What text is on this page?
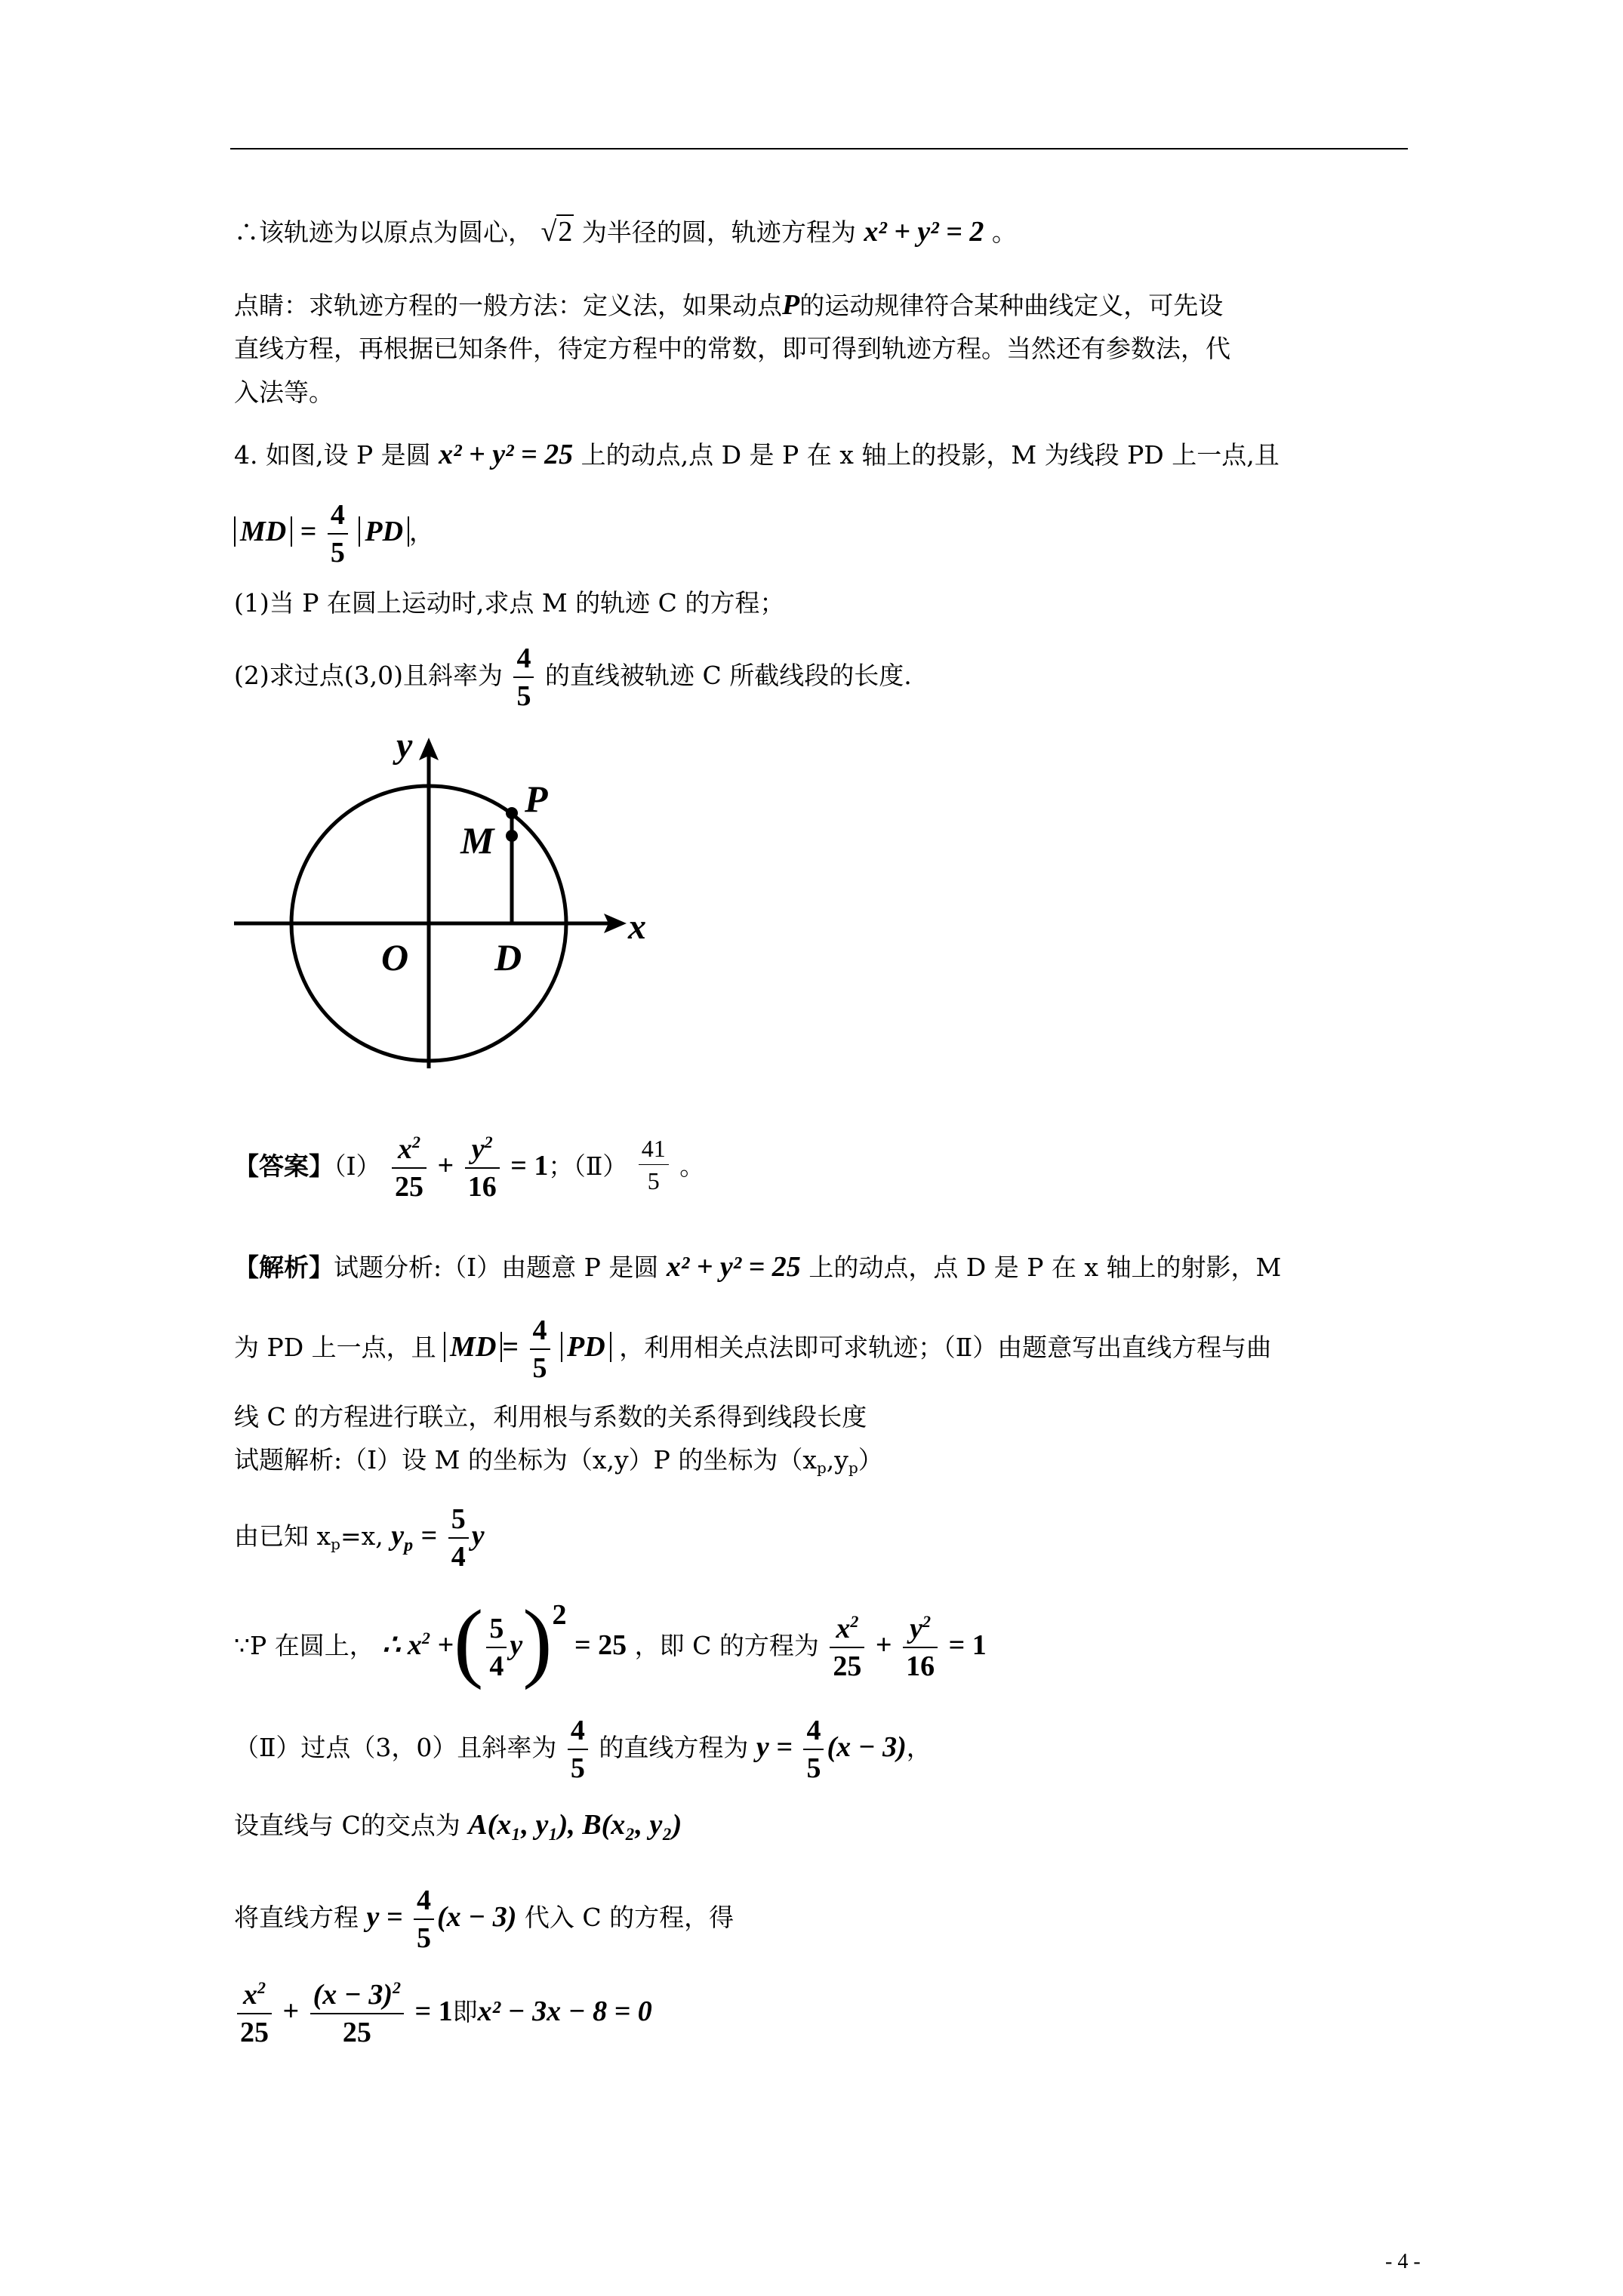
∴该轨迹为以原点为圆心， √2 为半径的圆，轨迹方程为 x² + y² = 2 。
点睛：求轨迹方程的一般方法：定义法，如果动点P的运动规律符合某种曲线定义，可先设
直线方程，再根据已知条件，待定方程中的常数，即可得到轨迹方程。当然还有参数法，代
入法等。
4. 如图,设 P 是圆 x² + y² = 25 上的动点,点 D 是 P 在 x 轴上的投影，M 为线段 PD 上一点,且
MD = $\frac{4}{5}$ PD ，
(1)当 P 在圆上运动时,求点 M 的轨迹 C 的方程；
(2)求过点(3,0)且斜率为 $\frac{4}{5}$ 的直线被轨迹 C 所截线段的长度.
y
x
P
M
O D
【答案】（Ⅰ） $\frac{x^2}{25} + \frac{y^2}{16} = 1$；（Ⅱ） $\frac{41}{5}$ 。
【解析】试题分析:（Ⅰ）由题意 P 是圆 x² + y² = 25 上的动点，点 D 是 P 在 x 轴上的射影，M
为 PD 上一点，且 MD = $\frac{4}{5}$ PD ，利用相关点法即可求轨迹；（Ⅱ）由题意写出直线方程与曲
线 C 的方程进行联立，利用根与系数的关系得到线段长度
试题解析:（Ⅰ）设 M 的坐标为（x,y）P 的坐标为（xp,yp）
由已知 xp=x, $y_p = \frac{5}{4}$ y
∵P 在圆上， ∴ $x^2$ +( $\frac{5}{4} y)^2 = 25$ ，即 C 的方程为 $\frac{x^2}{25} + \frac{y^2}{16} = 1$
（Ⅱ）过点（3，0）且斜率为 $\frac{4}{5}$ 的直线方程为 $y = \frac{4}{5} (x - 3)$，
设直线与 C的交点为 A(x₁, y₁), B(x₂, y₂)
将直线方程 $y = \frac{4}{5} (x - 3)$ 代入 C 的方程，得
$\frac{x^2}{25} + \frac{(x - 3)^2}{25} = 1$即x² − 3x − 8 = 0
- 4 -
